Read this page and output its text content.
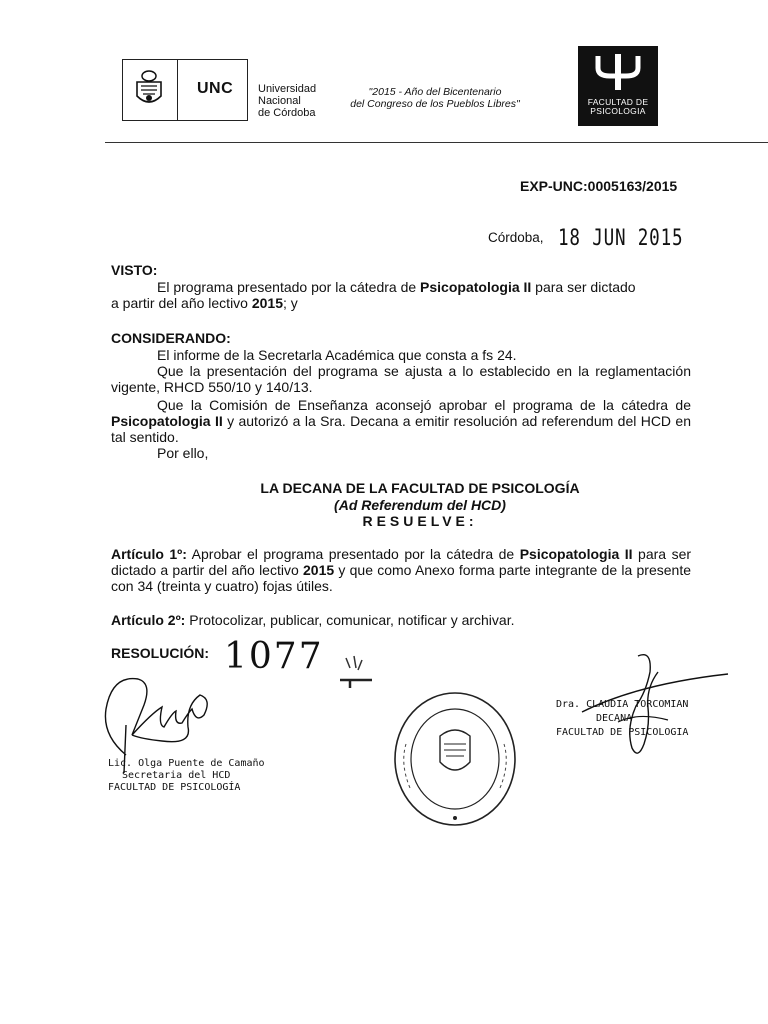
UNC Universidad
Nacional
de Córdoba
"2015 - Año del Bicentenario
del Congreso de los Pueblos Libres"	FACULTAD DE
PSICOLOGIA
EXP-UNC:0005163/2015
Córdoba, 18 JUN 2015
VISTO:
El programa presentado por la cátedra de Psicopatologia II para ser dictado
a partir del año lectivo 2015; y
CONSIDERANDO:
El informe de la Secretarla Académica que consta a fs 24.
Que la presentación del programa se ajusta a lo establecido en la reglamentación vigente, RHCD 550/10 y 140/13.
Que la Comisión de Enseñanza aconsejó aprobar el programa de la cátedra de Psicopatologia II y autorizó a la Sra. Decana a emitir resolución ad referendum del HCD en tal sentido.
Por ello,
LA DECANA DE LA FACULTAD DE PSICOLOGÍA
(Ad Referendum del HCD)
RESUELVE:
Artículo 1º: Aprobar el programa presentado por la cátedra de Psicopatologia II para ser dictado a partir del año lectivo 2015 y que como Anexo forma parte integrante de la presente con 34 (treinta y cuatro) fojas útiles.
Artículo 2º: Protocolizar, publicar, comunicar, notificar y archivar.
RESOLUCIÓN: 1077
Lic. Olga Puente de Camaño
Secretaria del HCD
FACULTAD DE PSICOLOGÍA
Dra. CLAUDIA TORCOMIAN
DECANA
FACULTAD DE PSICOLOGIA
